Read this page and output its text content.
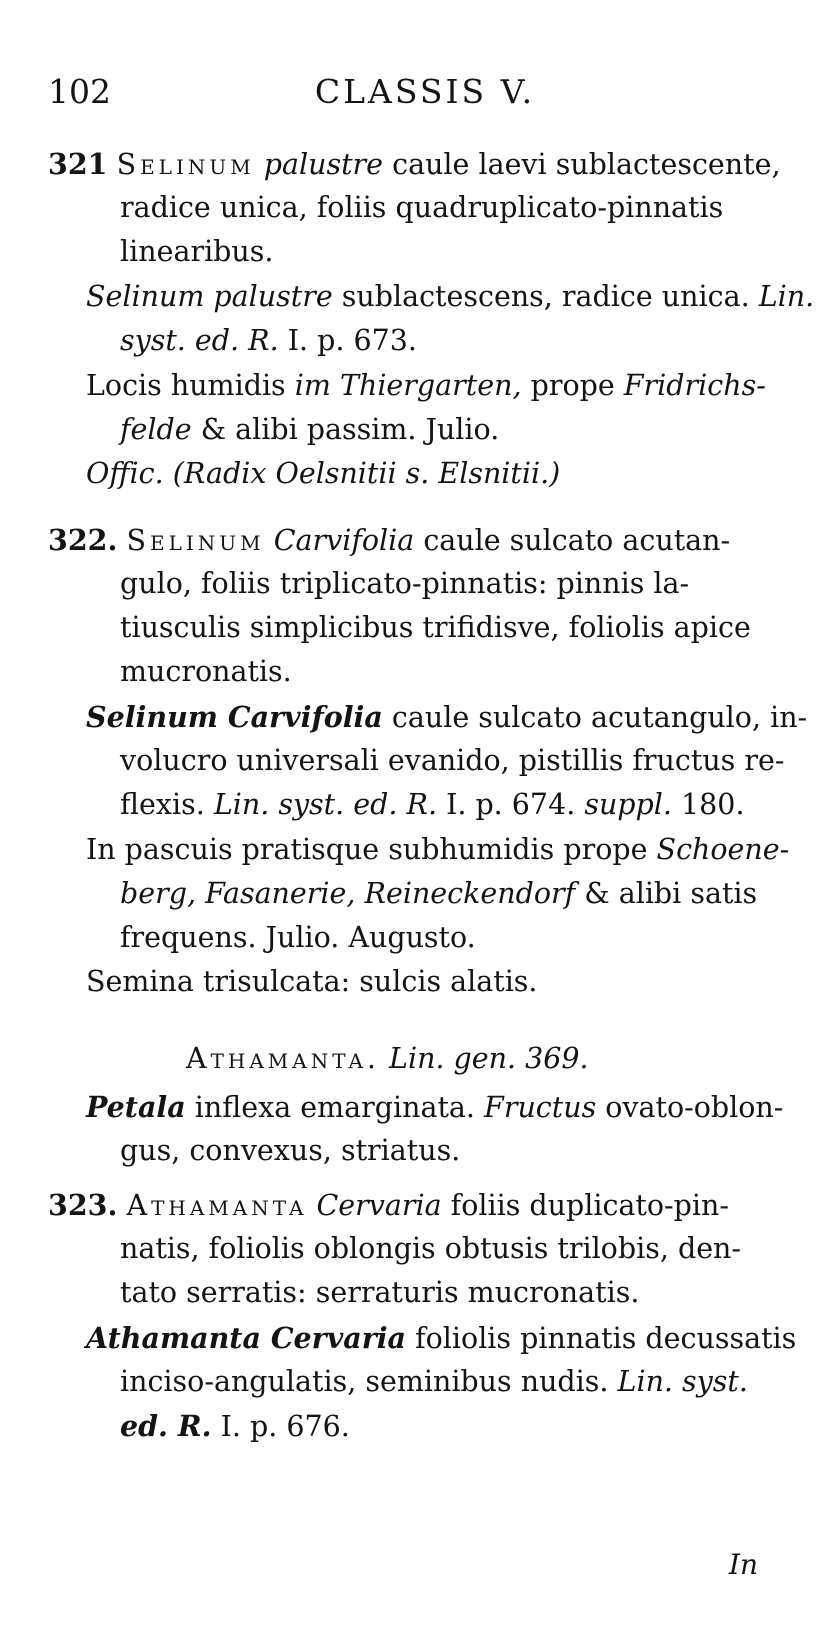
102	CLASSIS V.
321 Selinum palustre caule laevi sublactescente,
radice unica, foliis quadruplicato-pinnatis
linearibus.
Selinum palustre sublactescens, radice unica. Lin.
syst. ed. R. I. p. 673.
Locis humidis im Thiergarten, prope Fridrichs-
felde & alibi passim. Julio.
Offic. (Radix Oelsnitii s. Elsnitii.)
322. Selinum Carvifolia caule sulcato acutan-
gulo, foliis triplicato-pinnatis: pinnis la-
tiusculis simplicibus trifidisve, foliolis apice
mucronatis.
Selinum Carvifolia caule sulcato acutangulo, in-
volucro universali evanido, pistillis fructus re-
flexis. Lin. syst. ed. R. I. p. 674. suppl. 180.
In pascuis pratisque subhumidis prope Schoene-
berg, Fasanerie, Reineckendorf & alibi satis
frequens. Julio. Augusto.
Semina trisulcata: sulcis alatis.
Athamanta. Lin. gen. 369.
Petala inflexa emarginata. Fructus ovato-oblon-
gus, convexus, striatus.
323. Athamanta Cervaria foliis duplicato-pin-
natis, foliolis oblongis obtusis trilobis, den-
tato serratis: serraturis mucronatis.
Athamanta Cervaria foliolis pinnatis decussatis
inciso-angulatis, seminibus nudis. Lin. syst.
ed. R. I. p. 676.
In
